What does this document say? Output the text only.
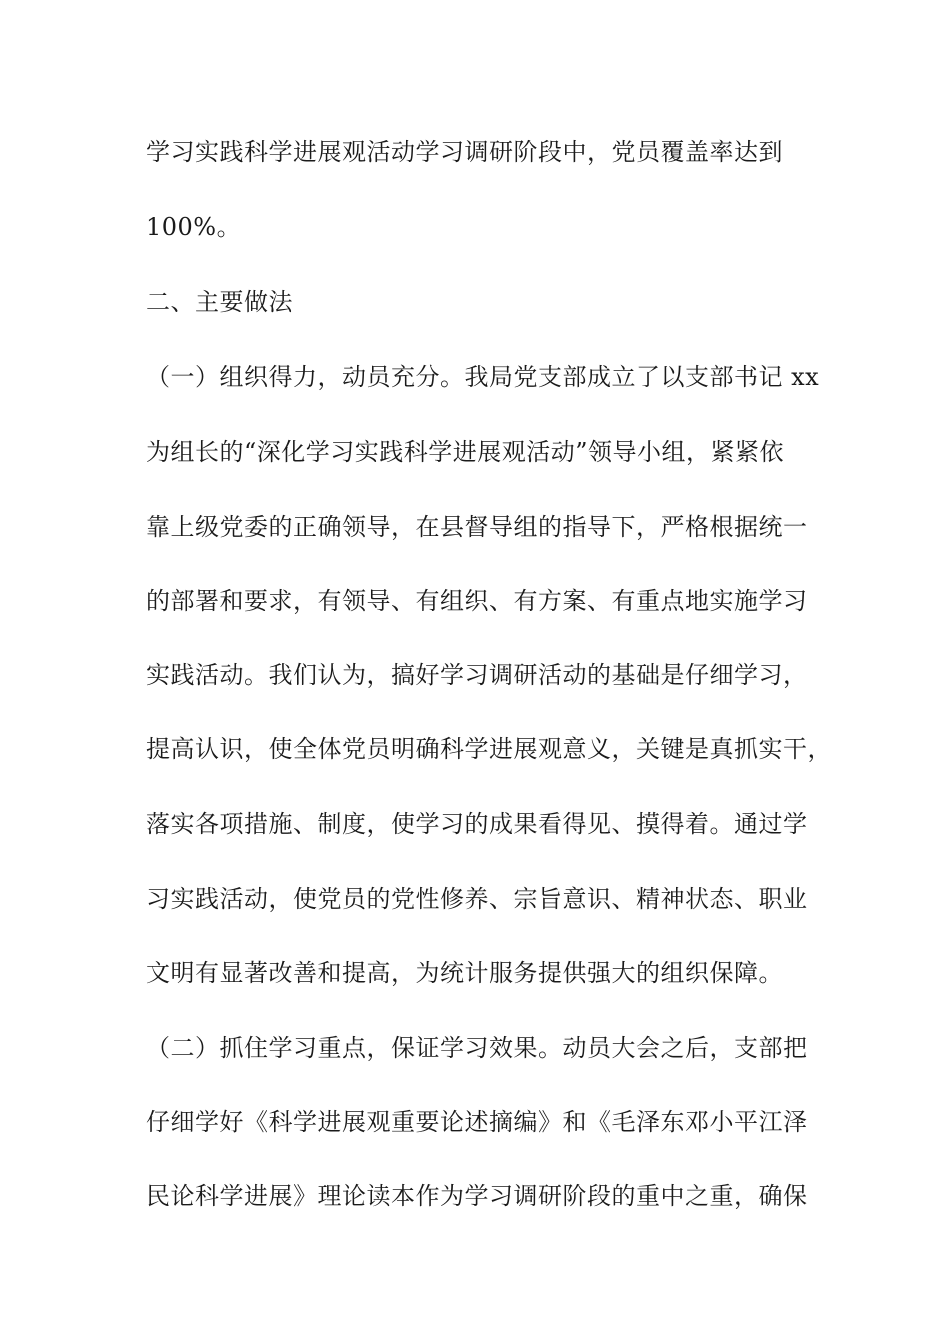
学习实践科学进展观活动学习调研阶段中，党员覆盖率达到
100%。
二、主要做法
（一）组织得力，动员充分。我局党支部成立了以支部书记 xx
为组长的“深化学习实践科学进展观活动”领导小组，紧紧依
靠上级党委的正确领导，在县督导组的指导下，严格根据统一
的部署和要求，有领导、有组织、有方案、有重点地实施学习
实践活动。我们认为，搞好学习调研活动的基础是仔细学习，
提高认识，使全体党员明确科学进展观意义，关键是真抓实干，
落实各项措施、制度，使学习的成果看得见、摸得着。通过学
习实践活动，使党员的党性修养、宗旨意识、精神状态、职业
文明有显著改善和提高，为统计服务提供强大的组织保障。
（二）抓住学习重点，保证学习效果。动员大会之后，支部把
仔细学好《科学进展观重要论述摘编》和《毛泽东邓小平江泽
民论科学进展》理论读本作为学习调研阶段的重中之重，确保
